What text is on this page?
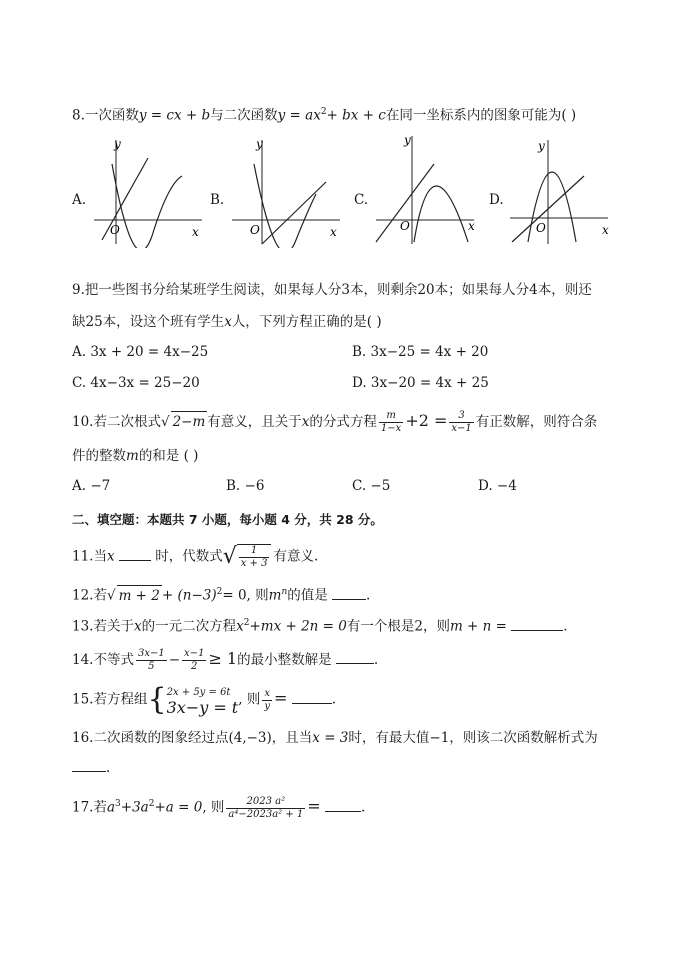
8.一次函数y = cx + b与二次函数$y = ax^2+$ bx + c在同一坐标系内的图象可能为( )
A.
y
x
O
B.
y
x
O
C.
y
x
O
D.
y
x
O
9.把一些图书分给某班学生阅读，如果每人分3本，则剩余20本；如果每人分4本，则还
缺25本，设这个班有学生x人，下列方程正确的是( )
A. 3x + 20 = 4x−25	B. 3x−25 = 4x + 20
C. 4x−3x = 25−20	D. 3x−20 = 4x + 25
10.若二次根式√ 2−m 有意义，且关于x的分式方程 $\frac{m}{1-x} +2 = \frac{3}{x-1}$ 有正数解，则符合条
件的整数m的和是 ( )
A. −7	B. −6	C. −5	D. −4
二、填空题：本题共 7 小题，每小题 4 分，共 28 分。
11.当x	时，代数式√ $\frac{1}{x + 3}$ 有意义.
12.若√ $m + 2 + (n-3)^2= 0$, 则$m^n$的值是	.
13.若关于x的一元二次方程$x^2+mx + 2n = 0$有一个根是2，则m + n =	.
14.不等式 $\frac{3x-1}{5} - \frac{x-1}{2} \ge 1$的最小整数解是	.
15.若方程组{ 2x + 5y = 6t
3x−y = t , 则 $\frac{x}{y}$ =	.
16.二次函数的图象经过点(4,−3)，且当x = 3时，有最大值−1，则该二次函数解析式为
.
17.若$a^3+3a^2+a = 0$, 则 $\frac{\text{2023 a²}}{\text{a⁴−2023a² + 1}}$ =	.
